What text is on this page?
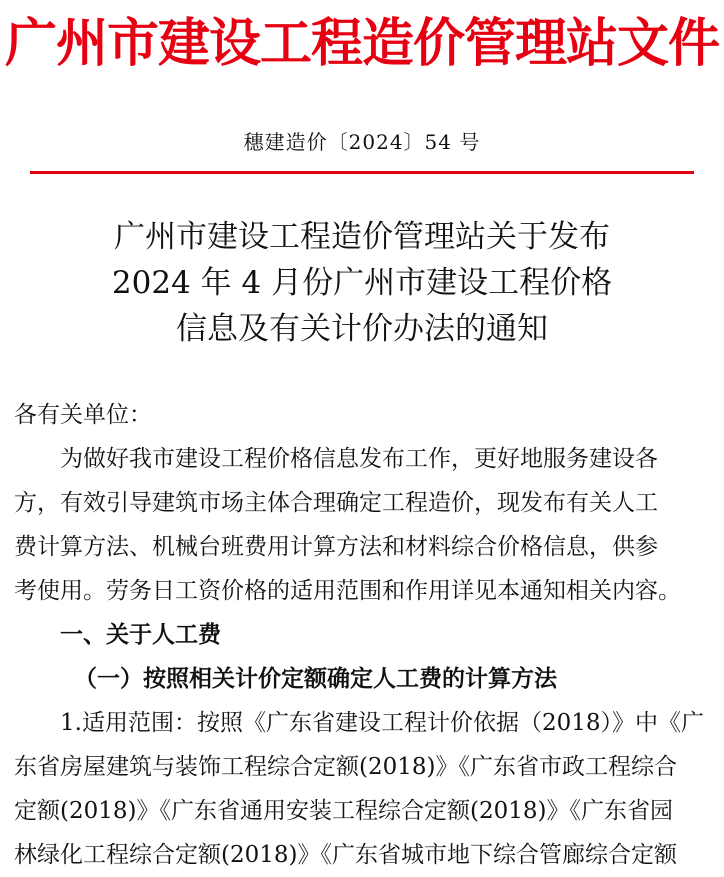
广州市建设工程造价管理站文件
穗建造价〔2024〕54 号
广州市建设工程造价管理站关于发布
2024 年 4 月份广州市建设工程价格
信息及有关计价办法的通知
各有关单位：
为做好我市建设工程价格信息发布工作，更好地服务建设各
方，有效引导建筑市场主体合理确定工程造价，现发布有关人工
费计算方法、机械台班费用计算方法和材料综合价格信息，供参
考使用。劳务日工资价格的适用范围和作用详见本通知相关内容。
一、关于人工费
（一）按照相关计价定额确定人工费的计算方法
1.适用范围：按照《广东省建设工程计价依据（2018）》中《广
东省房屋建筑与装饰工程综合定额(2018)》《广东省市政工程综合
定额(2018)》《广东省通用安装工程综合定额(2018)》《广东省园
林绿化工程综合定额(2018)》《广东省城市地下综合管廊综合定额
